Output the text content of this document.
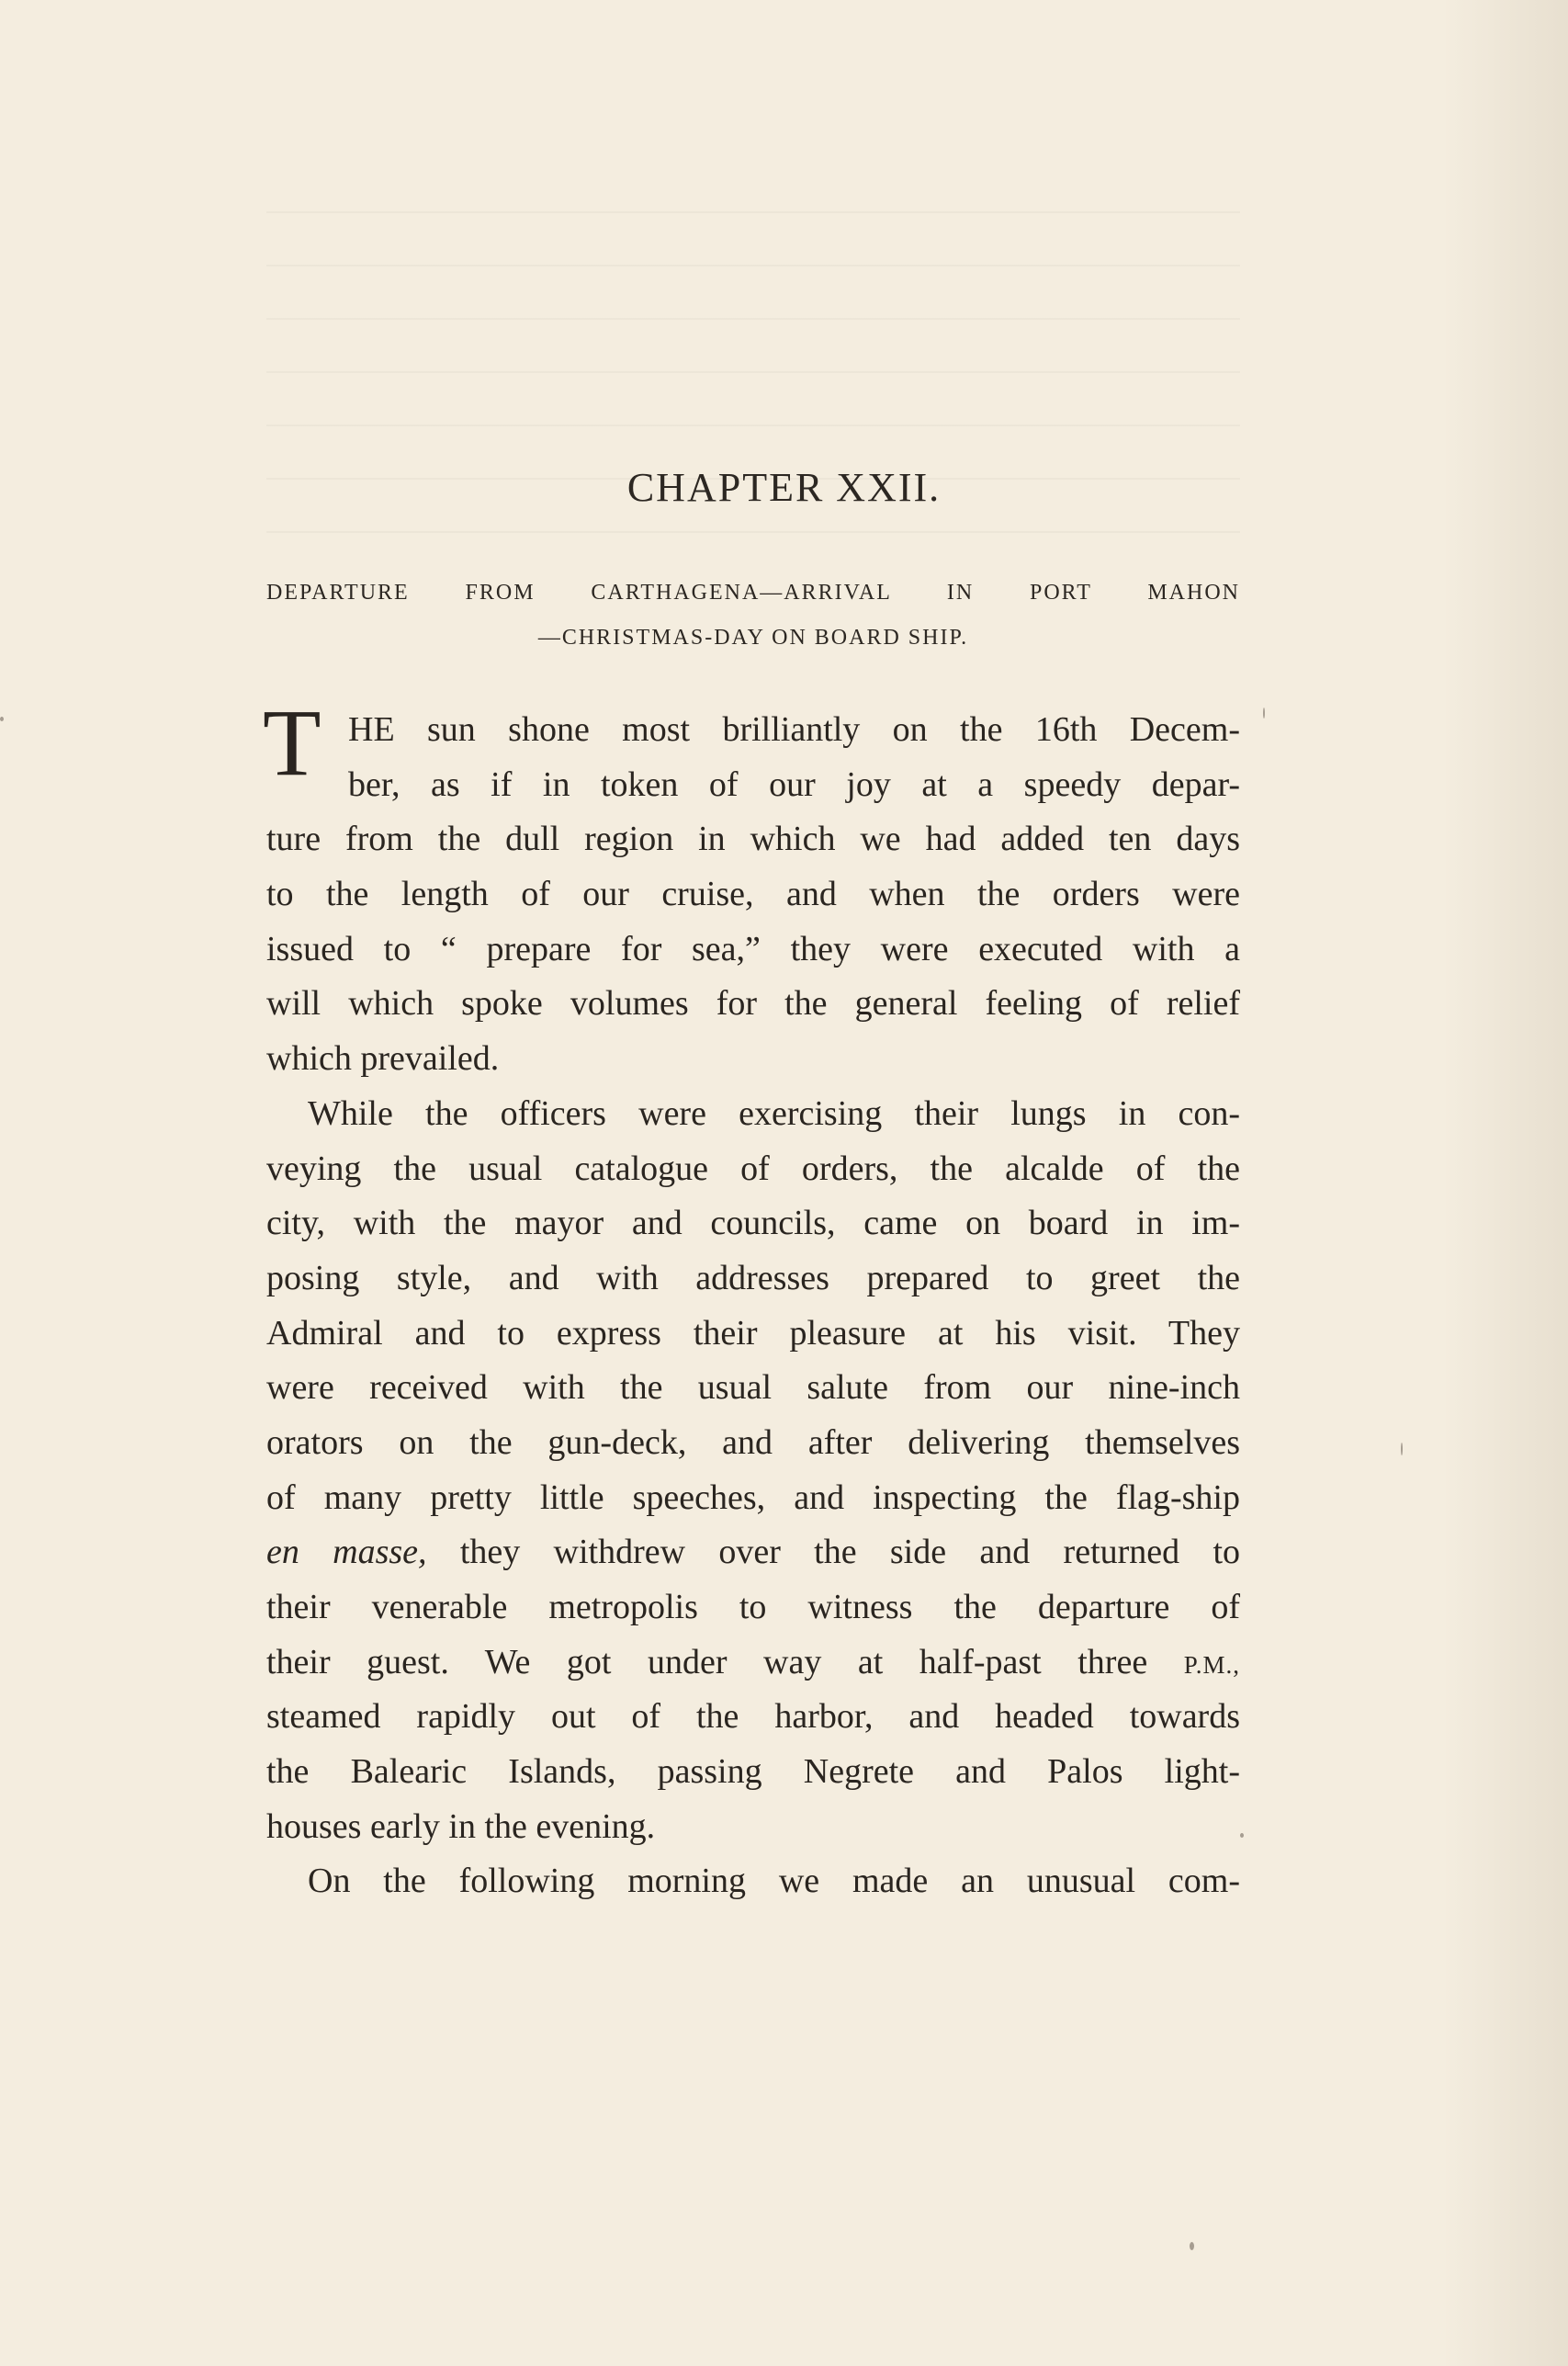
CHAPTER XXII.

DEPARTURE FROM CARTHAGENA—ARRIVAL IN PORT MAHON

—CHRISTMAS-DAY ON BOARD SHIP.

T HE sun shone most brilliantly on the 16th Decem-
ber, as if in token of our joy at a speedy depar-
ture from the dull region in which we had added ten days
to the length of our cruise, and when the orders were
issued to “ prepare for sea,” they were executed with a
will which spoke volumes for the general feeling of relief
which prevailed.
While the officers were exercising their lungs in con-
veying the usual catalogue of orders, the alcalde of the
city, with the mayor and councils, came on board in im-
posing style, and with addresses prepared to greet the
Admiral and to express their pleasure at his visit. They
were received with the usual salute from our nine-inch
orators on the gun-deck, and after delivering themselves
of many pretty little speeches, and inspecting the flag-ship
en masse, they withdrew over the side and returned to
their venerable metropolis to witness the departure of
their guest. We got under way at half-past three P.M.,
steamed rapidly out of the harbor, and headed towards
the Balearic Islands, passing Negrete and Palos light-
houses early in the evening.
On the following morning we made an unusual com-
